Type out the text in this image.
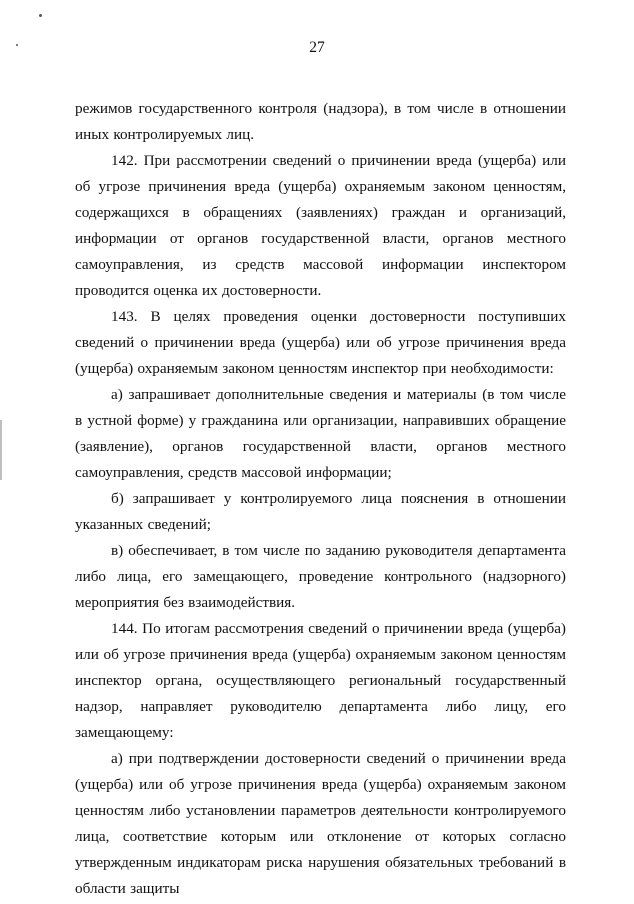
27

режимов государственного контроля (надзора), в том числе в отношении иных контролируемых лиц.

142. При рассмотрении сведений о причинении вреда (ущерба) или об угрозе причинения вреда (ущерба) охраняемым законом ценностям, содержащихся в обращениях (заявлениях) граждан и организаций, информации от органов государственной власти, органов местного самоуправления, из средств массовой информации инспектором проводится оценка их достоверности.

143. В целях проведения оценки достоверности поступивших сведений о причинении вреда (ущерба) или об угрозе причинения вреда (ущерба) охраняемым законом ценностям инспектор при необходимости:

а) запрашивает дополнительные сведения и материалы (в том числе в устной форме) у гражданина или организации, направивших обращение (заявление), органов государственной власти, органов местного самоуправления, средств массовой информации;

б) запрашивает у контролируемого лица пояснения в отношении указанных сведений;

в) обеспечивает, в том числе по заданию руководителя департамента либо лица, его замещающего, проведение контрольного (надзорного) мероприятия без взаимодействия.

144. По итогам рассмотрения сведений о причинении вреда (ущерба) или об угрозе причинения вреда (ущерба) охраняемым законом ценностям инспектор органа, осуществляющего региональный государственный надзор, направляет руководителю департамента либо лицу, его замещающему:

а) при подтверждении достоверности сведений о причинении вреда (ущерба) или об угрозе причинения вреда (ущерба) охраняемым законом ценностям либо установлении параметров деятельности контролируемого лица, соответствие которым или отклонение от которых согласно утвержденным индикаторам риска нарушения обязательных требований в области защиты
